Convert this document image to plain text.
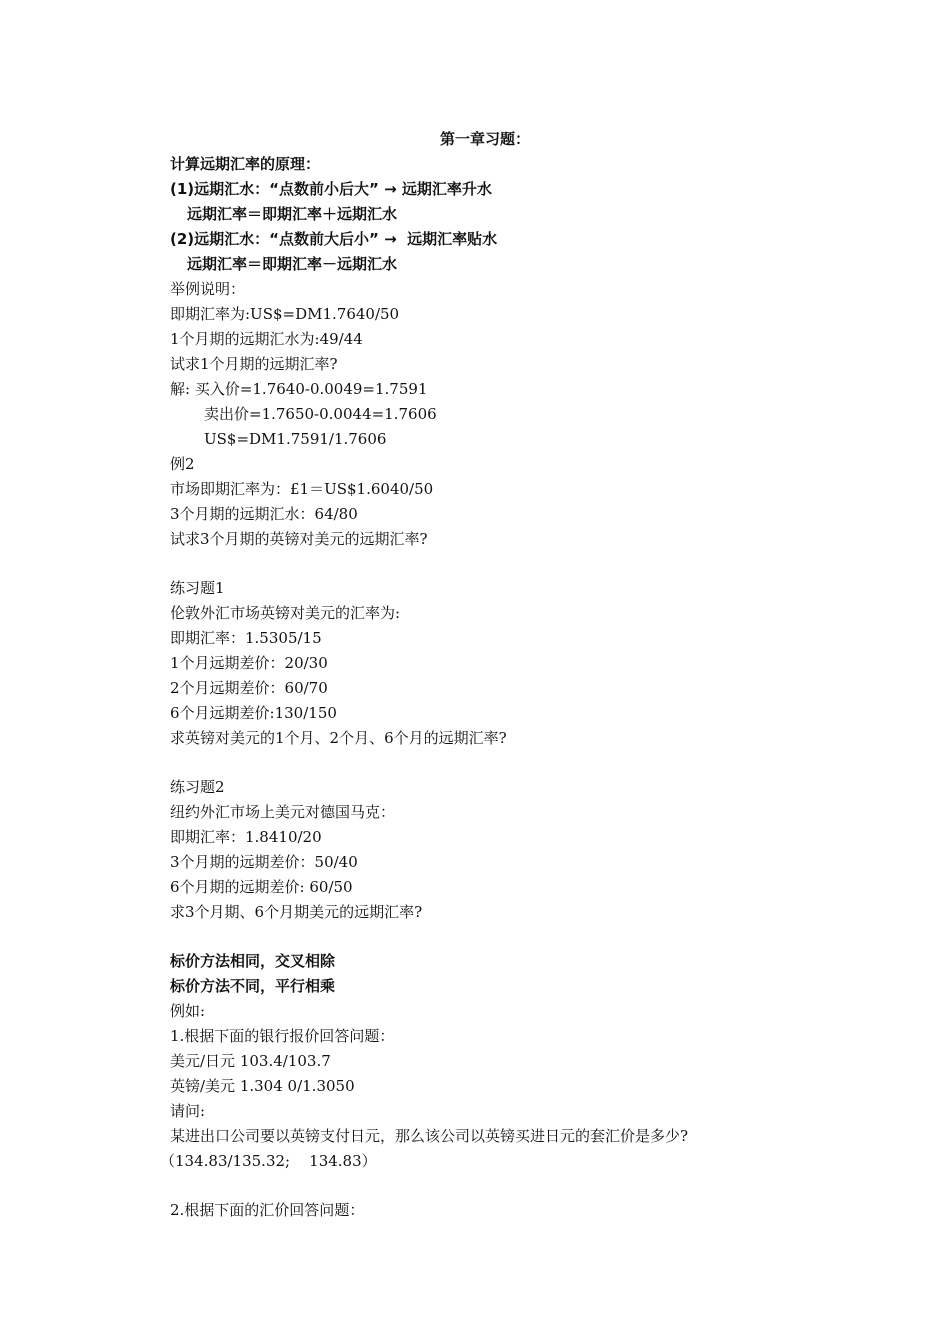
第一章习题：
计算远期汇率的原理：
(1)远期汇水：“点数前小后大” → 远期汇率升水
远期汇率＝即期汇率＋远期汇水
(2)远期汇水：“点数前大后小” →  远期汇率贴水
远期汇率＝即期汇率－远期汇水
举例说明：
即期汇率为:US$=DM1.7640/50
1个月期的远期汇水为:49/44
试求1个月期的远期汇率?
解: 买入价=1.7640-0.0049=1.7591
卖出价=1.7650-0.0044=1.7606
US$=DM1.7591/1.7606
例2
市场即期汇率为：£1＝US$1.6040/50
3个月期的远期汇水：64/80
试求3个月期的英镑对美元的远期汇率?
练习题1
伦敦外汇市场英镑对美元的汇率为:
即期汇率：1.5305/15
1个月远期差价：20/30
2个月远期差价：60/70
6个月远期差价:130/150
求英镑对美元的1个月、2个月、6个月的远期汇率?
练习题2
纽约外汇市场上美元对德国马克：
即期汇率：1.8410/20
3个月期的远期差价：50/40
6个月期的远期差价: 60/50
求3个月期、6个月期美元的远期汇率?
标价方法相同，交叉相除
标价方法不同，平行相乘
例如:
1.根据下面的银行报价回答问题：
美元/日元 103.4/103.7
英镑/美元 1.304 0/1.3050
请问:
某进出口公司要以英镑支付日元，那么该公司以英镑买进日元的套汇价是多少?
（134.83/135.32;    134.83）
2.根据下面的汇价回答问题：
